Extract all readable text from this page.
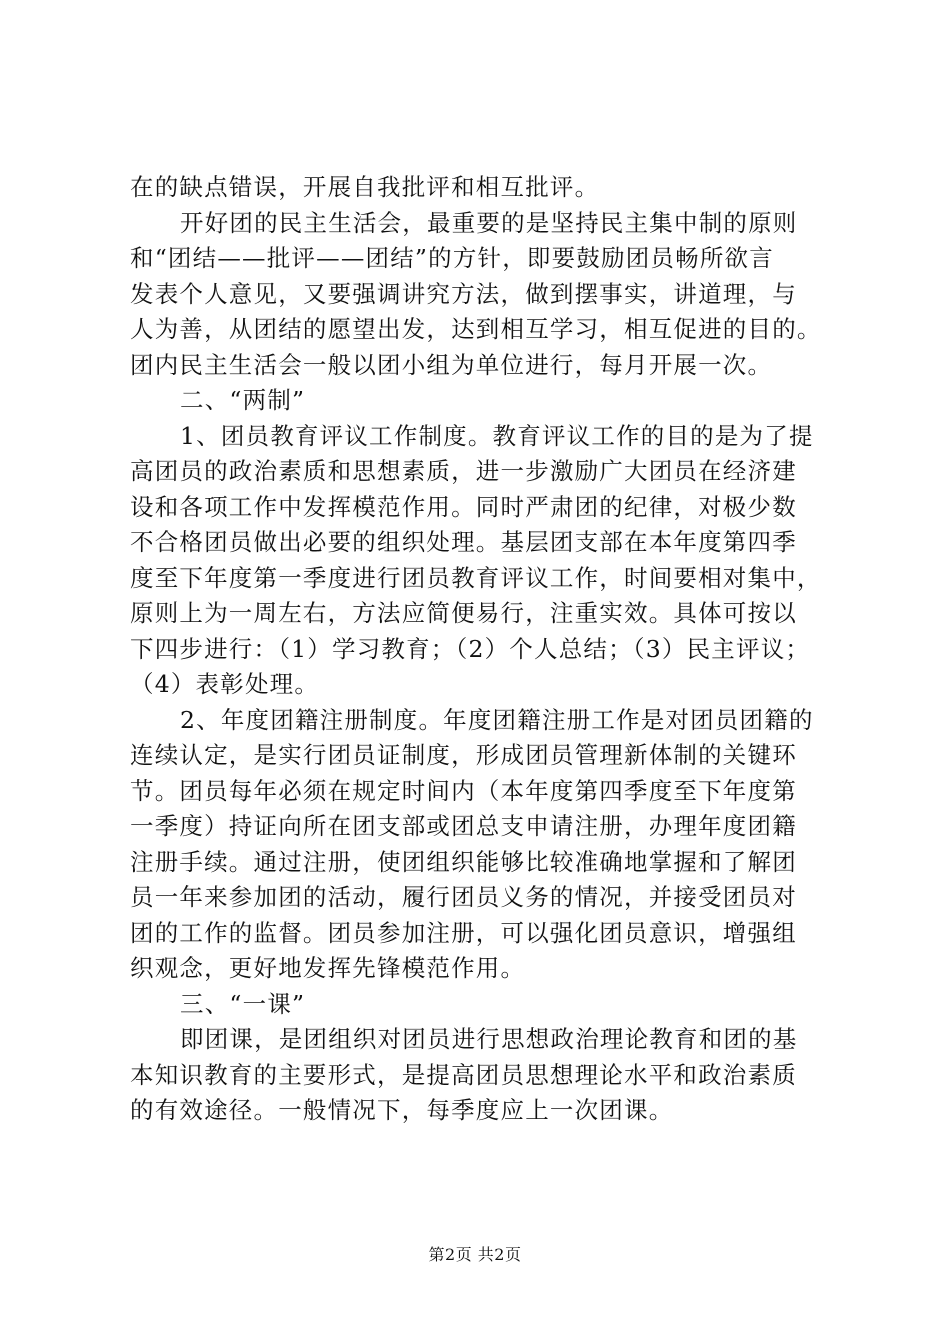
在的缺点错误，开展自我批评和相互批评。
开好团的民主生活会，最重要的是坚持民主集中制的原则
和“团结——批评——团结”的方针，即要鼓励团员畅所欲言
发表个人意见，又要强调讲究方法，做到摆事实，讲道理，与
人为善，从团结的愿望出发，达到相互学习，相互促进的目的。
团内民主生活会一般以团小组为单位进行，每月开展一次。
二、“两制”
1、团员教育评议工作制度。教育评议工作的目的是为了提
高团员的政治素质和思想素质，进一步激励广大团员在经济建
设和各项工作中发挥模范作用。同时严肃团的纪律，对极少数
不合格团员做出必要的组织处理。基层团支部在本年度第四季
度至下年度第一季度进行团员教育评议工作，时间要相对集中，
原则上为一周左右，方法应简便易行，注重实效。具体可按以
下四步进行：（1）学习教育；（2）个人总结；（3）民主评议；
（4）表彰处理。
2、年度团籍注册制度。年度团籍注册工作是对团员团籍的
连续认定，是实行团员证制度，形成团员管理新体制的关键环
节。团员每年必须在规定时间内（本年度第四季度至下年度第
一季度）持证向所在团支部或团总支申请注册，办理年度团籍
注册手续。通过注册，使团组织能够比较准确地掌握和了解团
员一年来参加团的活动，履行团员义务的情况，并接受团员对
团的工作的监督。团员参加注册，可以强化团员意识，增强组
织观念，更好地发挥先锋模范作用。
三、“一课”
即团课，是团组织对团员进行思想政治理论教育和团的基
本知识教育的主要形式，是提高团员思想理论水平和政治素质
的有效途径。一般情况下，每季度应上一次团课。
第2页 共2页
